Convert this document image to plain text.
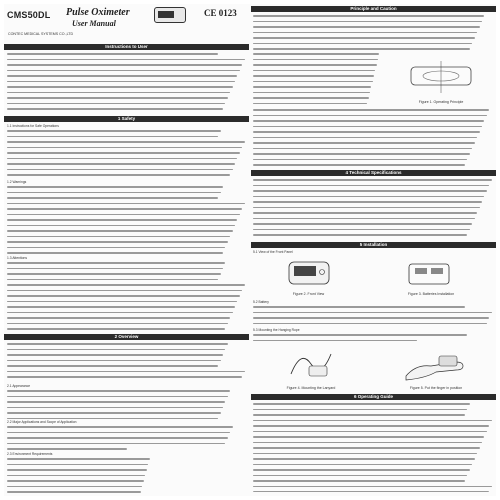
CMS50DL Pulse Oximeter
User Manual
CE 0123
CONTEC MEDICAL SYSTEMS CO.,LTD
Instructions to User
1 Safety
1.1 Instructions for Safe Operations
1.2 Warnings
1.3 Attentions
2 Overview
2.1 Appearance
2.2 Major Applications and Scope of Application
2.3 Environment Requirements
Principle and Caution
Figure 1. Operating Principle
4 Technical Specifications
5 Installation
5.1 View of the Front Panel
Figure 2. Front View	Figure 3. Batteries Installation
5.2 Battery
5.3 Mounting the Hanging Rope
Figure 4. Mounting the Lanyard	Figure 5. Put the finger in position
6 Operating Guide
